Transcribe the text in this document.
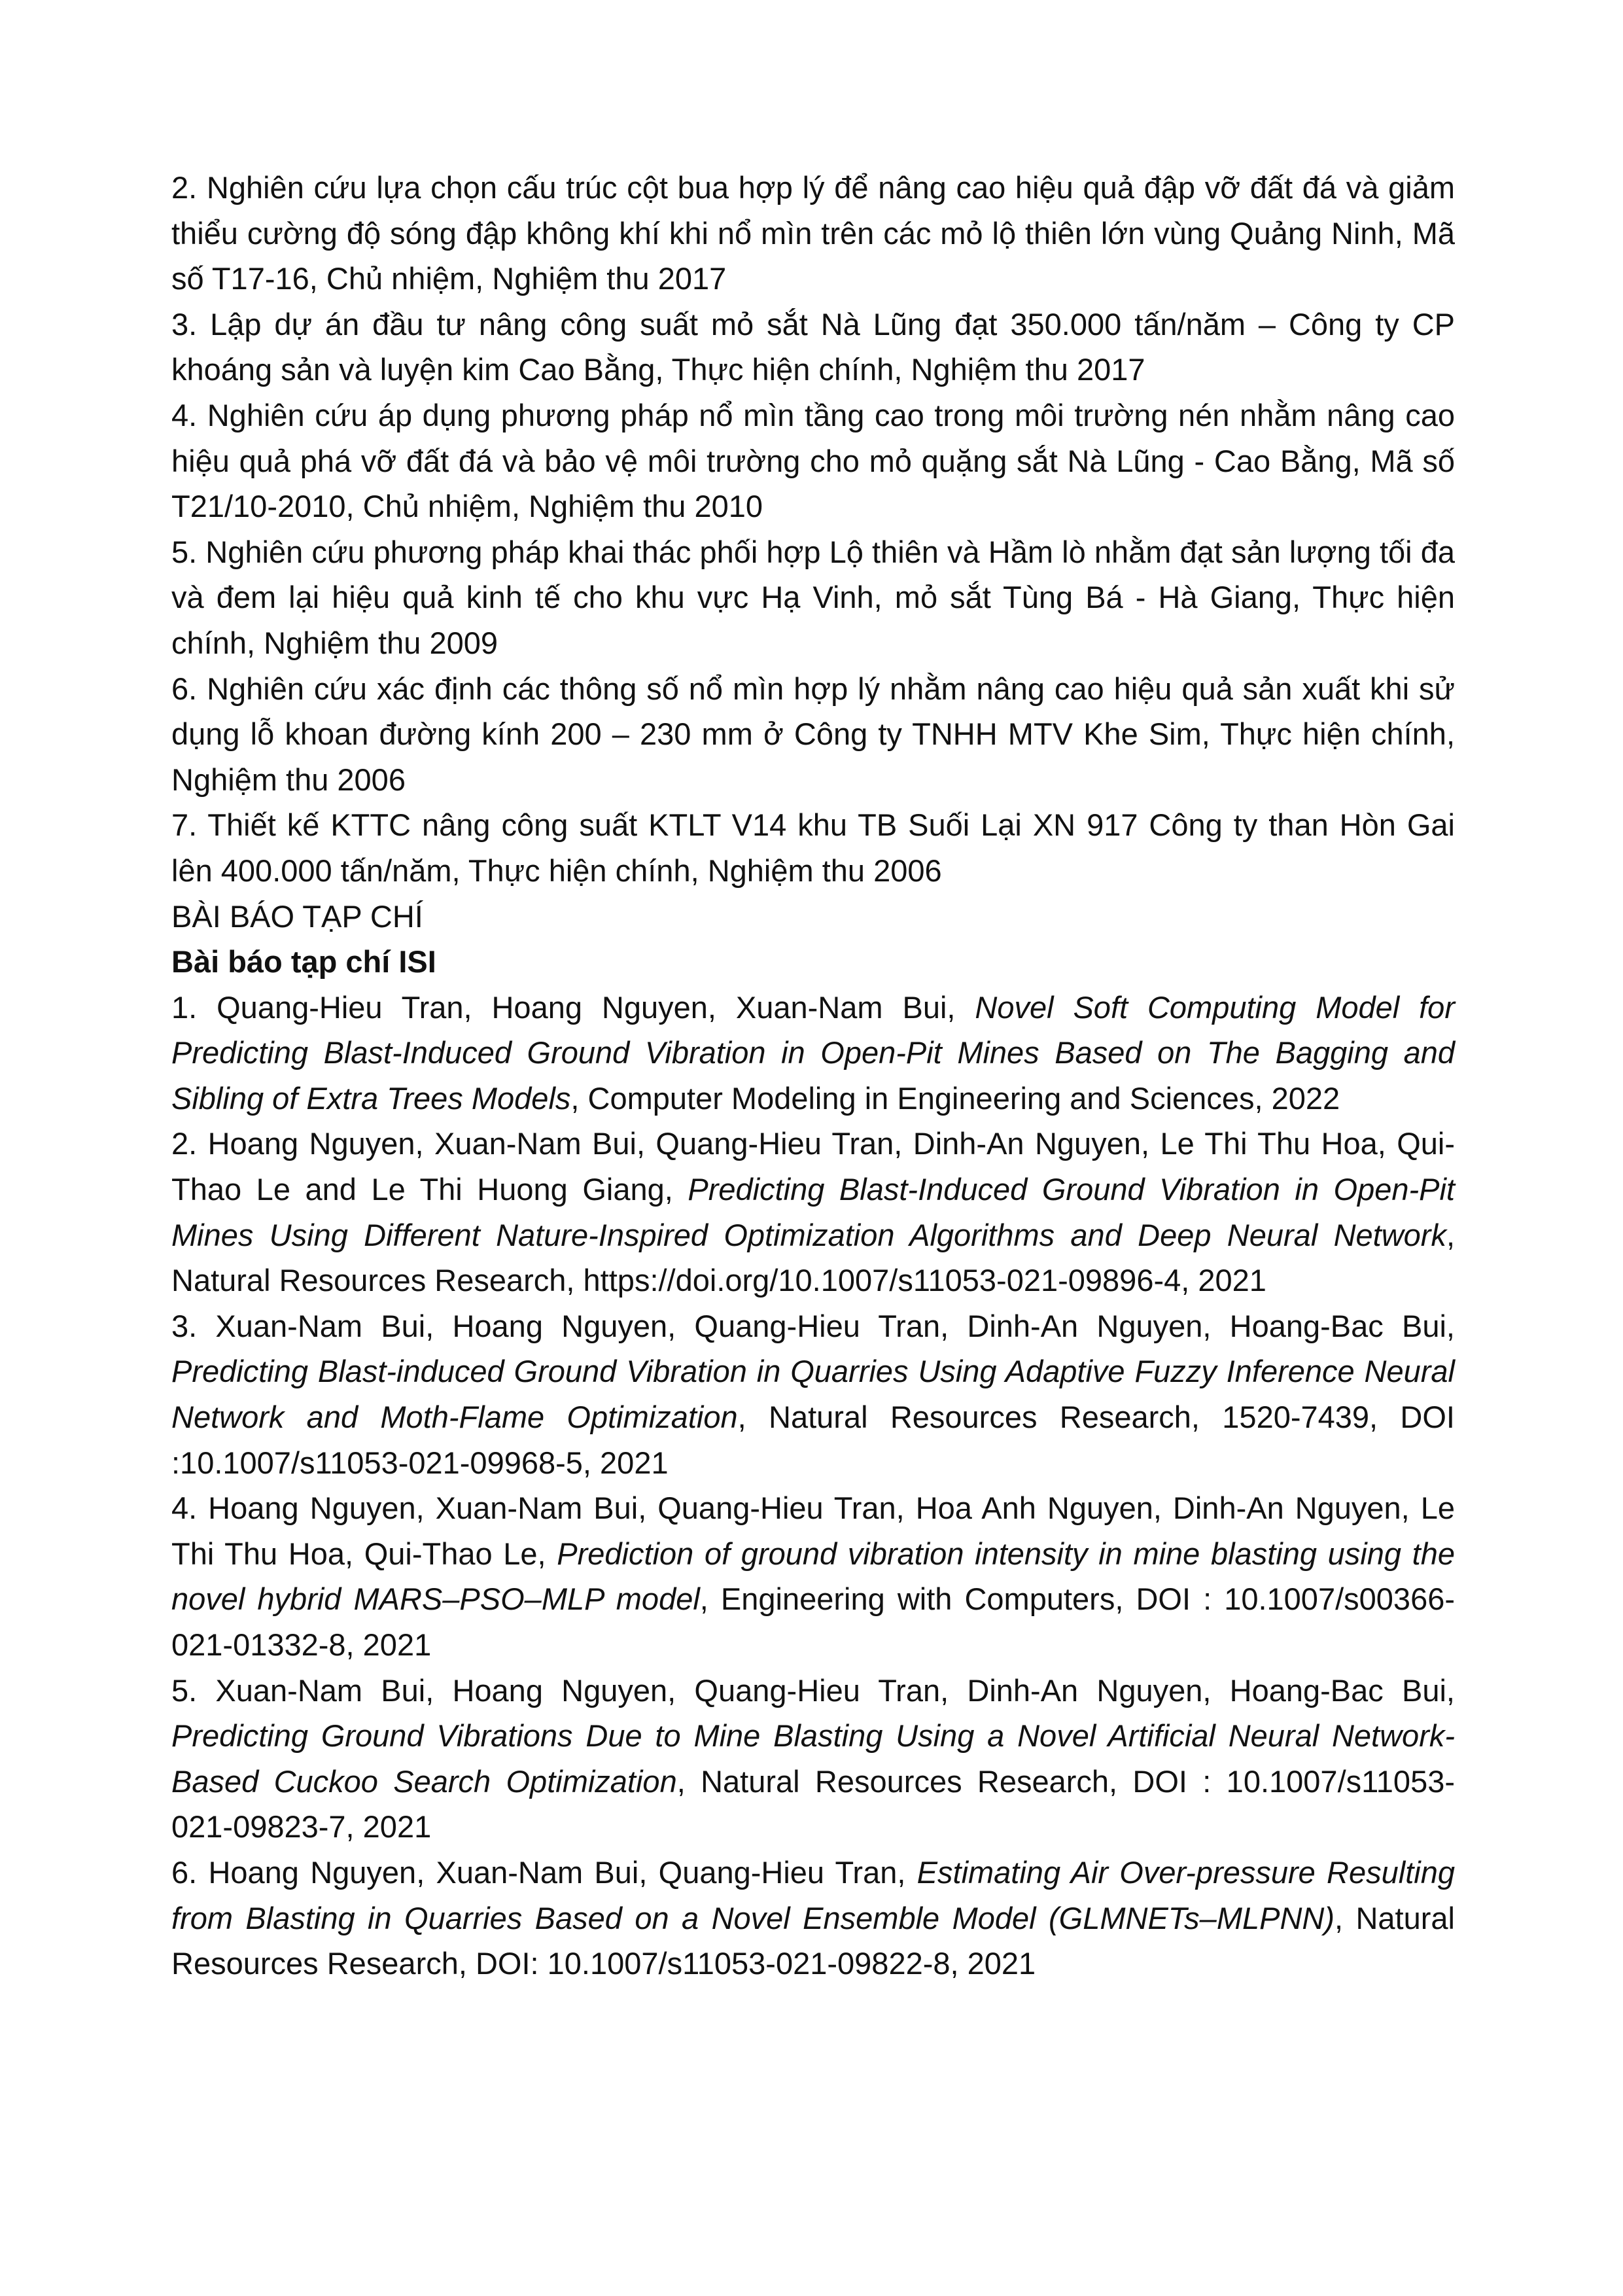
2. Nghiên cứu lựa chọn cấu trúc cột bua hợp lý để nâng cao hiệu quả đập vỡ đất đá và giảm thiểu cường độ sóng đập không khí khi nổ mìn trên các mỏ lộ thiên lớn vùng Quảng Ninh, Mã số T17-16, Chủ nhiệm, Nghiệm thu 2017

3. Lập dự án đầu tư nâng công suất mỏ sắt Nà Lũng đạt 350.000 tấn/năm – Công ty CP khoáng sản và luyện kim Cao Bằng, Thực hiện chính, Nghiệm thu 2017

4. Nghiên cứu áp dụng phương pháp nổ mìn tầng cao trong môi trường nén nhằm nâng cao hiệu quả phá vỡ đất đá và bảo vệ môi trường cho mỏ quặng sắt Nà Lũng - Cao Bằng, Mã số T21/10-2010, Chủ nhiệm, Nghiệm thu 2010

5. Nghiên cứu phương pháp khai thác phối hợp Lộ thiên và Hầm lò nhằm đạt sản lượng tối đa và đem lại hiệu quả kinh tế cho khu vực Hạ Vinh, mỏ sắt Tùng Bá - Hà Giang, Thực hiện chính, Nghiệm thu 2009

6. Nghiên cứu xác định các thông số nổ mìn hợp lý nhằm nâng cao hiệu quả sản xuất khi sử dụng lỗ khoan đường kính 200 – 230 mm ở Công ty TNHH MTV Khe Sim, Thực hiện chính, Nghiệm thu 2006

7. Thiết kế KTTC nâng công suất KTLT V14 khu TB Suối Lại XN 917 Công ty than Hòn Gai lên 400.000 tấn/năm, Thực hiện chính, Nghiệm thu 2006

BÀI BÁO TẠP CHÍ

Bài báo tạp chí ISI

1. Quang-Hieu Tran, Hoang Nguyen, Xuan-Nam Bui, Novel Soft Computing Model for Predicting Blast-Induced Ground Vibration in Open-Pit Mines Based on The Bagging and Sibling of Extra Trees Models, Computer Modeling in Engineering and Sciences, 2022

2. Hoang Nguyen, Xuan-Nam Bui, Quang-Hieu Tran, Dinh-An Nguyen, Le Thi Thu Hoa, Qui-Thao Le and Le Thi Huong Giang, Predicting Blast-Induced Ground Vibration in Open-Pit Mines Using Different Nature-Inspired Optimization Algorithms and Deep Neural Network, Natural Resources Research, https://doi.org/10.1007/s11053-021-09896-4, 2021

3. Xuan-Nam Bui, Hoang Nguyen, Quang-Hieu Tran, Dinh-An Nguyen, Hoang-Bac Bui, Predicting Blast-induced Ground Vibration in Quarries Using Adaptive Fuzzy Inference Neural Network and Moth-Flame Optimization, Natural Resources Research, 1520-7439, DOI :10.1007/s11053-021-09968-5, 2021

4. Hoang Nguyen, Xuan-Nam Bui, Quang-Hieu Tran, Hoa Anh Nguyen, Dinh-An Nguyen, Le Thi Thu Hoa, Qui-Thao Le, Prediction of ground vibration intensity in mine blasting using the novel hybrid MARS–PSO–MLP model, Engineering with Computers, DOI : 10.1007/s00366-021-01332-8, 2021

5. Xuan-Nam Bui, Hoang Nguyen, Quang-Hieu Tran, Dinh-An Nguyen, Hoang-Bac Bui, Predicting Ground Vibrations Due to Mine Blasting Using a Novel Artificial Neural Network-Based Cuckoo Search Optimization, Natural Resources Research, DOI : 10.1007/s11053-021-09823-7, 2021

6. Hoang Nguyen, Xuan-Nam Bui, Quang-Hieu Tran, Estimating Air Over-pressure Resulting from Blasting in Quarries Based on a Novel Ensemble Model (GLMNETs–MLPNN), Natural Resources Research, DOI: 10.1007/s11053-021-09822-8, 2021
